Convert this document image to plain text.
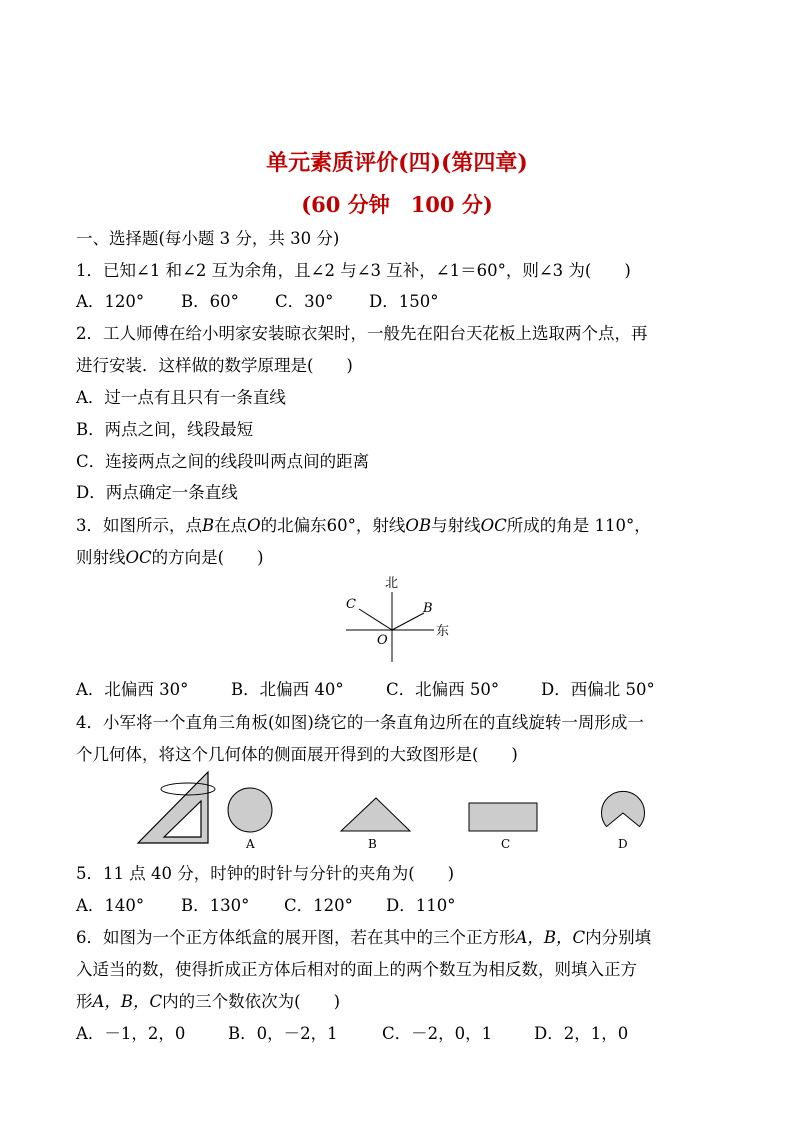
单元素质评价(四)(第四章)
(60 分钟　100 分)
一、选择题(每小题 3 分，共 30 分)
1．已知∠1 和∠2 互为余角，且∠2 与∠3 互补，∠1＝60°，则∠3 为(　　)
A．120° B．60° C．30° D．150°
2．工人师傅在给小明家安装晾衣架时，一般先在阳台天花板上选取两个点，再
进行安装．这样做的数学原理是(　　)
A．过一点有且只有一条直线
B．两点之间，线段最短
C．连接两点之间的线段叫两点间的距离
D．两点确定一条直线
3．如图所示，点B在点O的北偏东60°，射线OB与射线OC所成的角是 110°，
则射线OC的方向是(　　)
北
东
C	B
O
A．北偏西 30°	B．北偏西 40°	C．北偏西 50°	D．西偏北 50°
4．小军将一个直角三角板(如图)绕它的一条直角边所在的直线旋转一周形成一
个几何体，将这个几何体的侧面展开得到的大致图形是(　　)
A	B	C	D
5．11 点 40 分，时钟的时针与分针的夹角为(　　)
A．140° B．130° C．120° D．110°
6．如图为一个正方体纸盒的展开图，若在其中的三个正方形A，B，C内分别填
入适当的数，使得折成正方体后相对的面上的两个数互为相反数，则填入正方
形A，B，C内的三个数依次为(　　)
A．－1，2，0	B．0，－2，1	C．－2，0，1	D．2，1，0
